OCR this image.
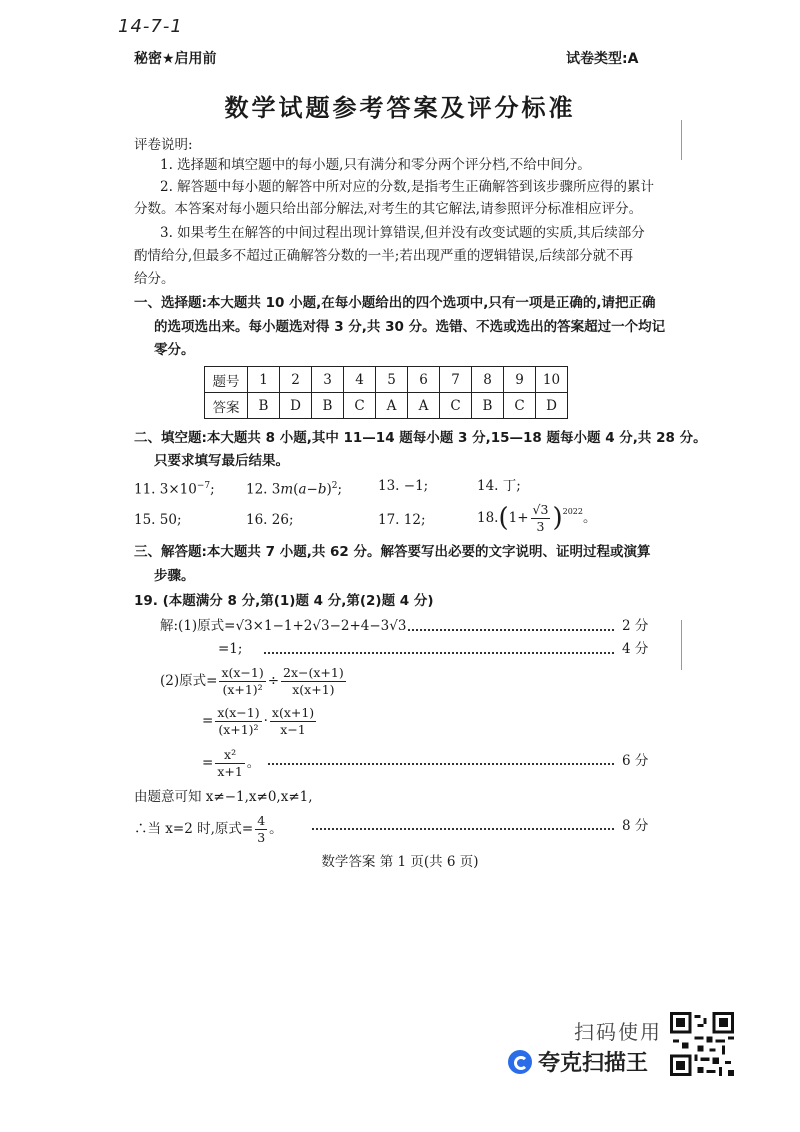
14-7-1
秘密★启用前	试卷类型:A
数学试题参考答案及评分标准
评卷说明:
1. 选择题和填空题中的每小题,只有满分和零分两个评分档,不给中间分。
2. 解答题中每小题的解答中所对应的分数,是指考生正确解答到该步骤所应得的累计
分数。本答案对每小题只给出部分解法,对考生的其它解法,请参照评分标准相应评分。
3. 如果考生在解答的中间过程出现计算错误,但并没有改变试题的实质,其后续部分
酌情给分,但最多不超过正确解答分数的一半;若出现严重的逻辑错误,后续部分就不再
给分。
一、选择题:本大题共 10 小题,在每小题给出的四个选项中,只有一项是正确的,请把正确
的选项选出来。每小题选对得 3 分,共 30 分。选错、不选或选出的答案超过一个均记
零分。
题号	1	2	3	4	5	6	7	8	9	10
答案	B	D	B	C	A	A	C	B	C	D
二、填空题:本大题共 8 小题,其中 11—14 题每小题 3 分,15—18 题每小题 4 分,共 28 分。
只要求填写最后结果。
11. $3\times 10^{-7}$; 12. $3m(a-b)^2$;	13. −1;	14. 丁;
15. 50;	16. 26;	17. 12;	18. ( $1+ \frac{√3}{3} )^{2022}$ 。
三、解答题:本大题共 7 小题,共 62 分。解答要写出必要的文字说明、证明过程或演算
步骤。
19. (本题满分 8 分,第(1)题 4 分,第(2)题 4 分)
解:(1)原式=√3×1−1+2√3−2+4−3√3	2 分
=1;	4 分
(2)原式= $\frac{x(x-1)}{\text{(x+1)²}} \div \frac{2x-(x+1)}{x(x+1)}$
= $\frac{x(x-1)}{\text{(x+1)²}} \cdot \frac{x(x+1)}{x-1}$
= $\frac{\text{x²}}{x+1}$ 。	6 分
由题意可知 x≠−1,x≠0,x≠1,
∴当 x=2 时,原式= $\frac{4}{3}$ 。	8 分
数学答案 第 1 页(共 6 页)
扫码使用
夸克扫描王
